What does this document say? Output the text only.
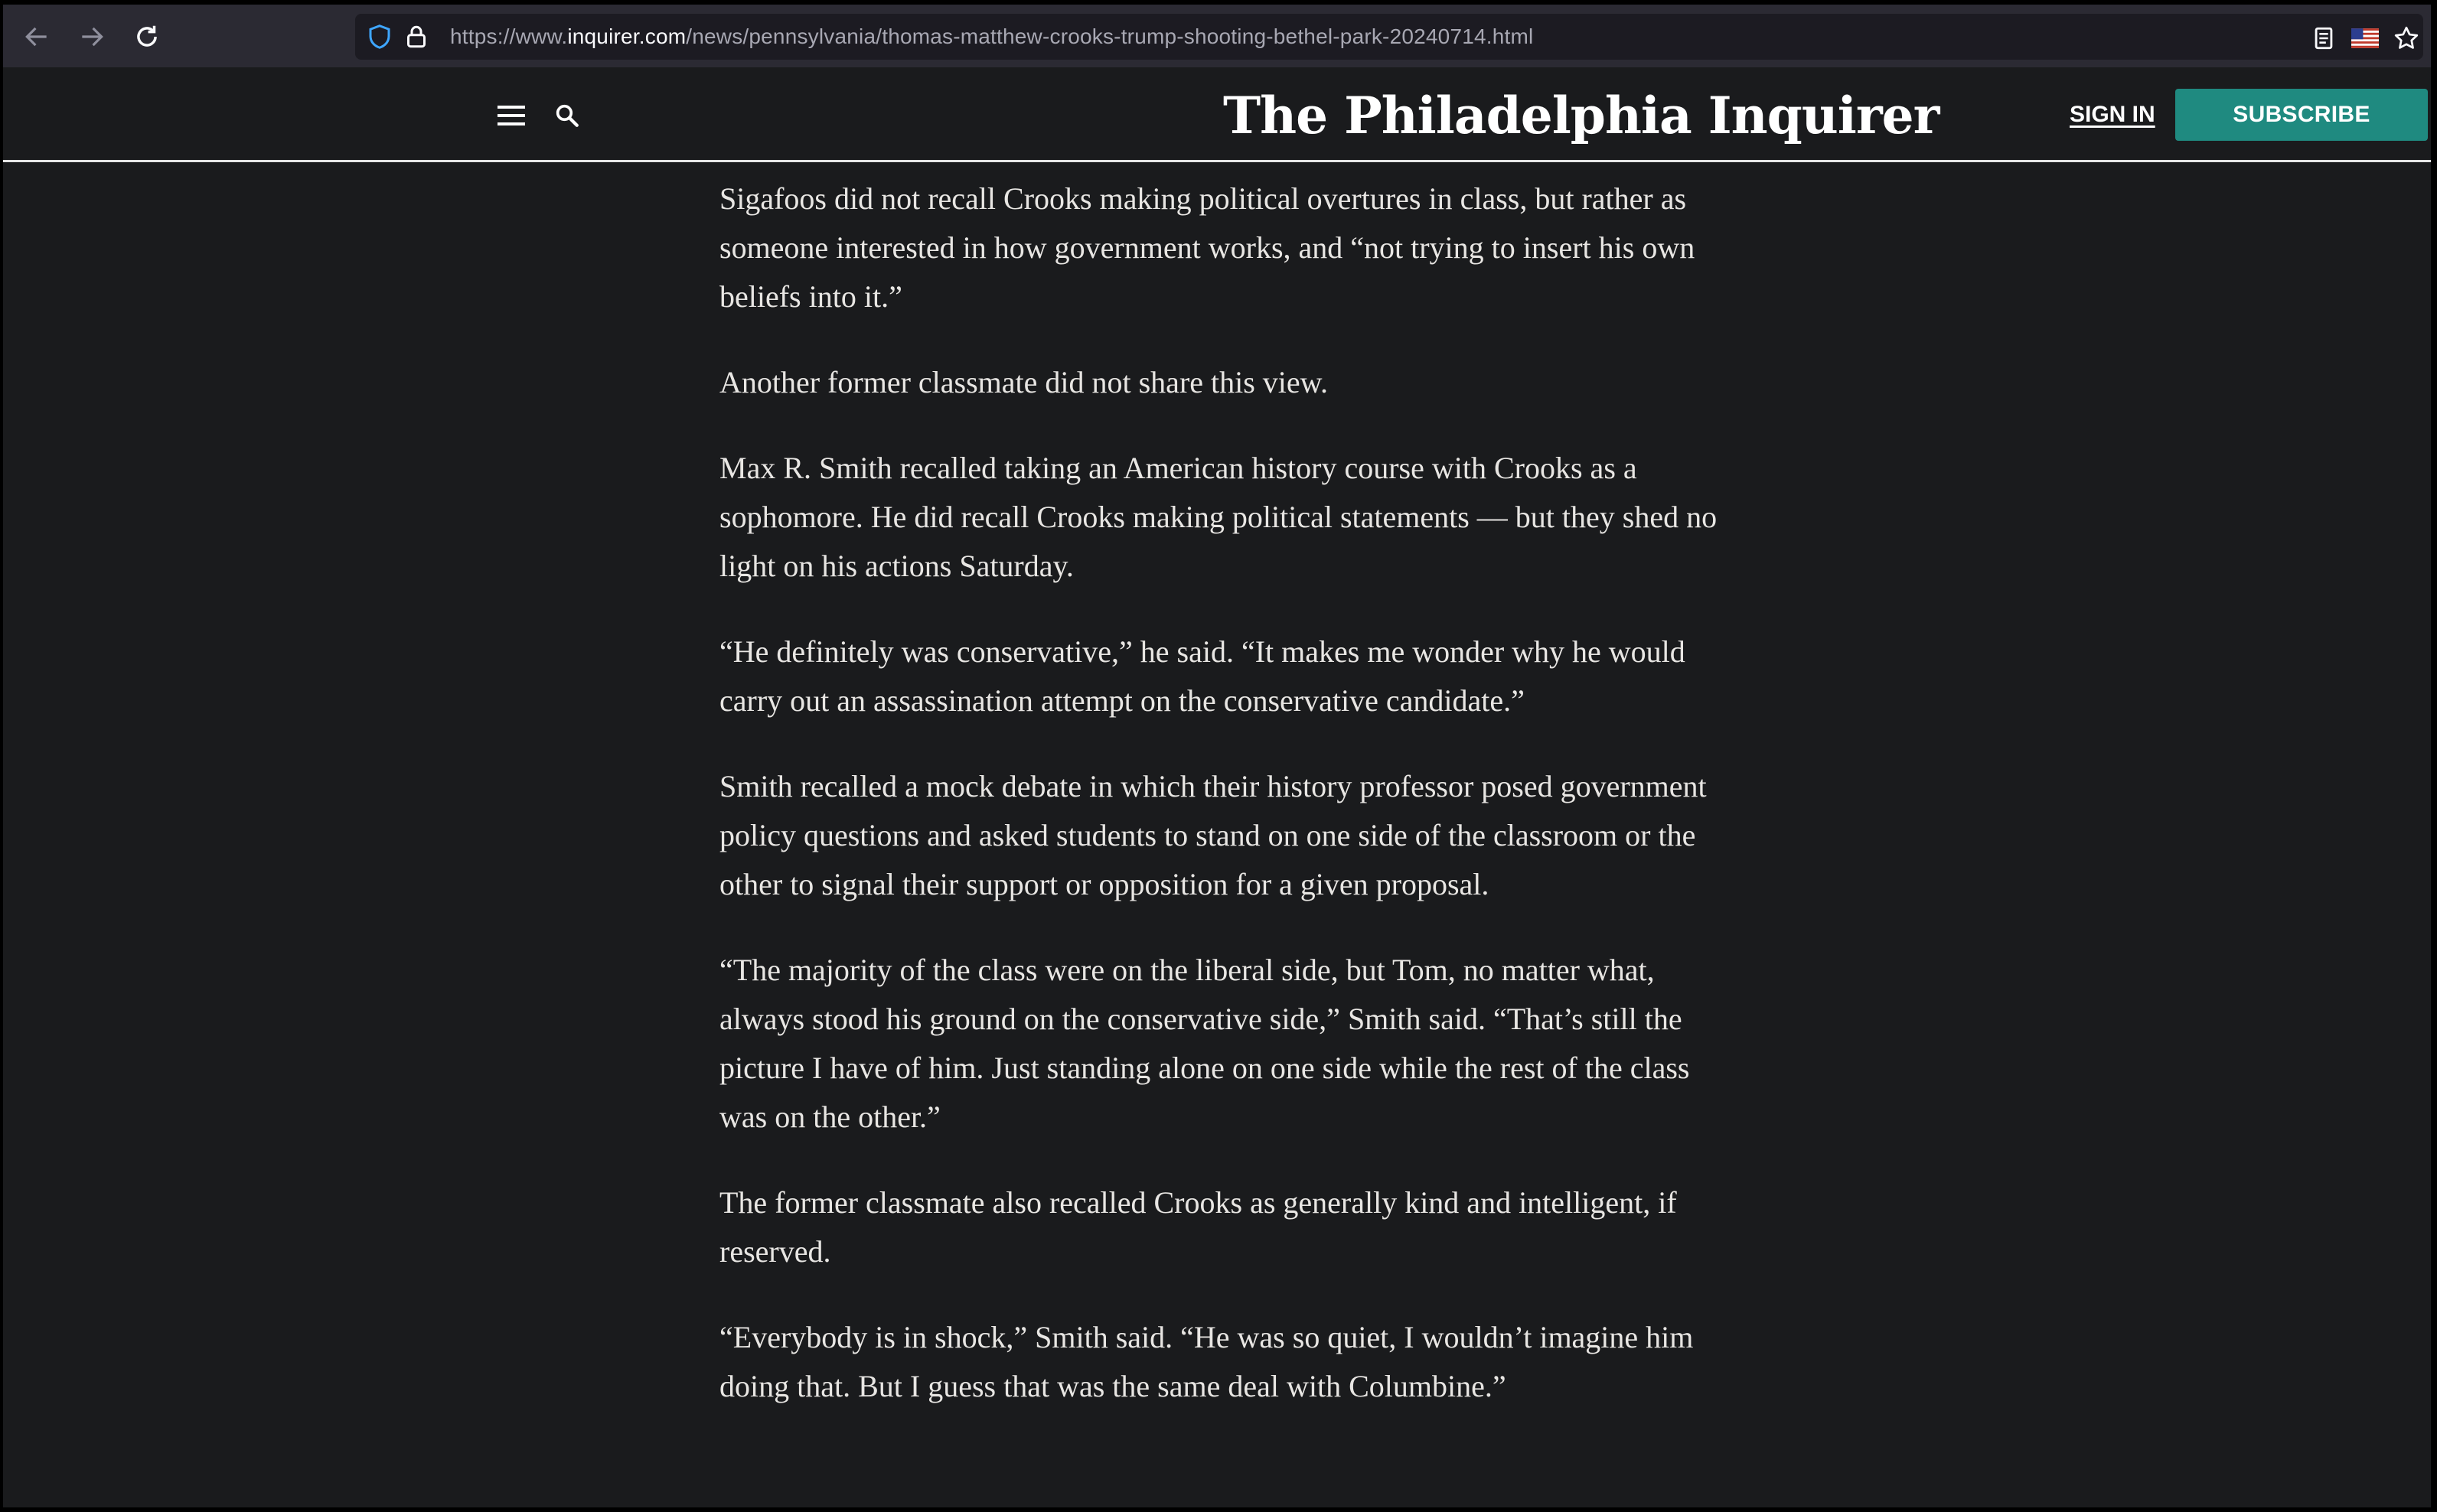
https://www.inquirer.com/news/pennsylvania/thomas-matthew-crooks-trump-shooting-bethel-park-20240714.html
The Philadelphia Inquirer	SIGN IN	SUBSCRIBE

Sigafoos did not recall Crooks making political overtures in class, but rather as someone interested in how government works, and “not trying to insert his own beliefs into it.”

Another former classmate did not share this view.

Max R. Smith recalled taking an American history course with Crooks as a sophomore. He did recall Crooks making political statements — but they shed no light on his actions Saturday.

“He definitely was conservative,” he said. “It makes me wonder why he would carry out an assassination attempt on the conservative candidate.”

Smith recalled a mock debate in which their history professor posed government policy questions and asked students to stand on one side of the classroom or the other to signal their support or opposition for a given proposal.

“The majority of the class were on the liberal side, but Tom, no matter what, always stood his ground on the conservative side,” Smith said. “That’s still the picture I have of him. Just standing alone on one side while the rest of the class was on the other.”

The former classmate also recalled Crooks as generally kind and intelligent, if reserved.

“Everybody is in shock,” Smith said. “He was so quiet, I wouldn’t imagine him doing that. But I guess that was the same deal with Columbine.”
